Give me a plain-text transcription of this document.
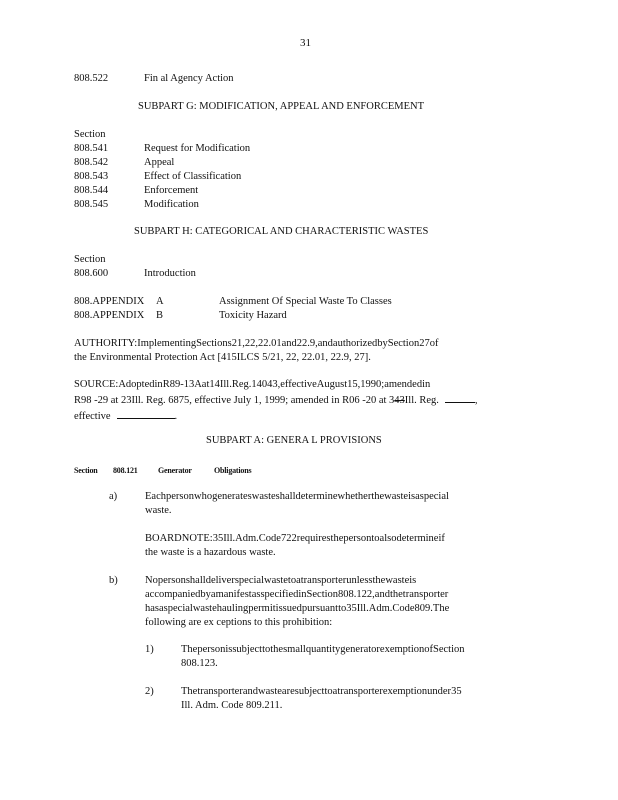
31
808.522	Fin al Agency Action
SUBPART G: MODIFICATION, APPEAL AND ENFORCEMENT
Section
808.541	Request for Modification
808.542	Appeal
808.543	Effect of Classification
808.544	Enforcement
808.545	Modification
SUBPART H: CATEGORICAL AND CHARACTERISTIC WASTES
Section
808.600	Introduction
808.APPENDIX A	Assignment Of Special Waste To Classes
808.APPENDIX B	Toxicity Hazard
AUTHORITY:ImplementingSections21,22,22.01and22.9,andauthorizedbySection27of
the Environmental Protection Act [415ILCS 5/21, 22, 22.01, 22.9, 27].
SOURCE:AdoptedinR89-13Aat14Ill.Reg.14043,effectiveAugust15,1990;amendedin
R98 -29 at 23Ill. Reg. 6875, effective July 1, 1999; amended in R06 -20 at 343Ill. Reg.	,
effective	.
SUBPART A: GENERA L PROVISIONS
Section 808.121	Generator	Obligations
a)	Eachpersonwhogenerateswasteshalldeterminewhetherthewasteisaspecial
waste.
BOARDNOTE:35Ill.Adm.Code722requiresthepersontoalsodetermineif
the waste is a hazardous waste.
b)	Nopersonshalldeliverspecialwastetoatransporterunlessthewasteis
accompaniedbyamanifestasspecifiedinSection808.122,andthetransporter
hasaspecialwastehaulingpermitissuedpursuantto35Ill.Adm.Code809.The
following are ex ceptions to this prohibition:
1)	ThepersonissubjecttothesmallquantitygeneratorexemptionofSection
808.123.
2)	Thetransporterandwastearesubjecttoatransporterexemptionunder35
Ill. Adm. Code 809.211.
